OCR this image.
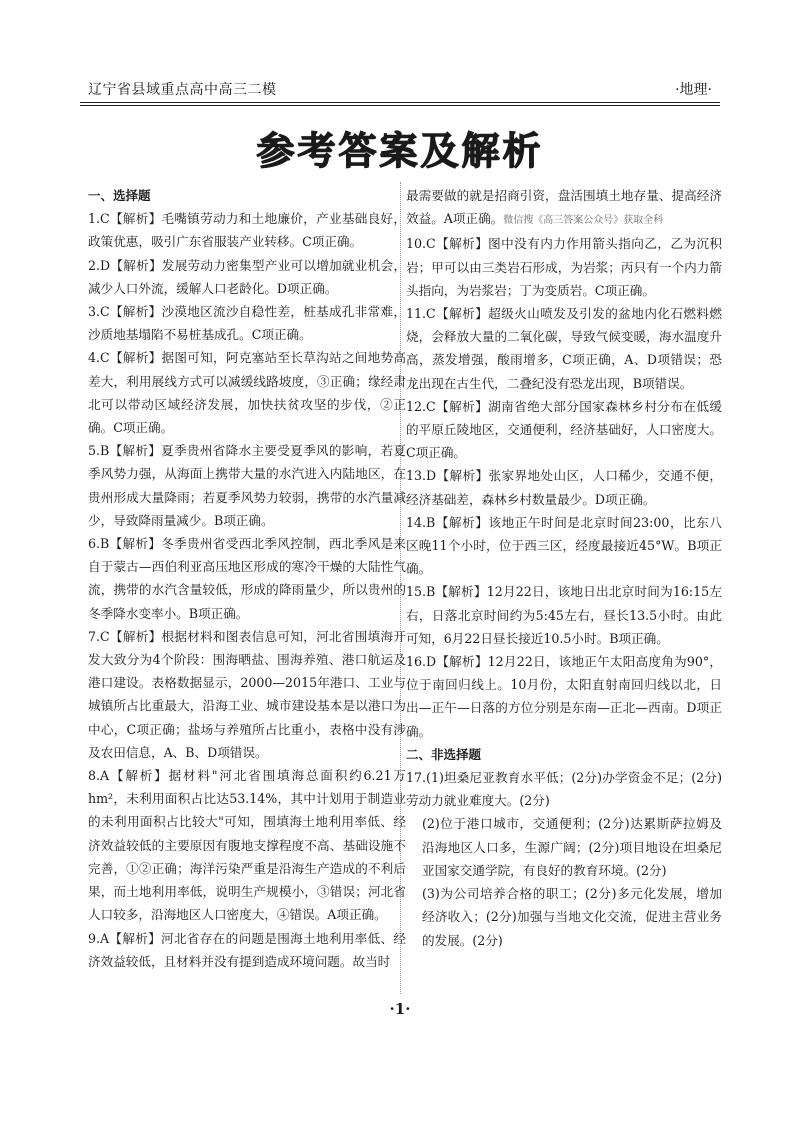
辽宁省县域重点高中高三二模	·地理·
参考答案及解析

一、选择题

1.C【解析】毛嘴镇劳动力和土地廉价，产业基础良好，政策优惠，吸引广东省服装产业转移。C项正确。

2.D【解析】发展劳动力密集型产业可以增加就业机会，减少人口外流，缓解人口老龄化。D项正确。

3.C【解析】沙漠地区流沙自稳性差，桩基成孔非常难，沙质地基塌陷不易桩基成孔。C项正确。

4.C【解析】据图可知，阿克塞站至长草沟站之间地势高差大，利用展线方式可以减缓线路坡度，③正确；缘经肃北可以带动区域经济发展，加快扶贫攻坚的步伐，②正确。C项正确。

5.B【解析】夏季贵州省降水主要受夏季风的影响，若夏季风势力强，从海面上携带大量的水汽进入内陆地区，在贵州形成大量降雨；若夏季风势力较弱，携带的水汽量减少，导致降雨量减少。B项正确。

6.B【解析】冬季贵州省受西北季风控制，西北季风是来自于蒙古—西伯利亚高压地区形成的寒冷干燥的大陆性气流，携带的水汽含量较低，形成的降雨量少，所以贵州的冬季降水变率小。B项正确。

7.C【解析】根据材料和图表信息可知，河北省围填海开发大致分为4个阶段：围海晒盐、围海养殖、港口航运及港口建设。表格数据显示，2000—2015年港口、工业与城镇所占比重最大，沿海工业、城市建设基本是以港口为中心，C项正确；盐场与养殖所占比重小，表格中没有涉及农田信息，A、B、D项错误。

8.A【解析】据材料"河北省围填海总面积约6.21万hm²，未利用面积占比达53.14%，其中计划用于制造业的未利用面积占比较大"可知，围填海土地利用率低、经济效益较低的主要原因有腹地支撑程度不高、基础设施不完善，①②正确；海洋污染严重是沿海生产造成的不利后果，而土地利用率低，说明生产规模小，③错误；河北省人口较多，沿海地区人口密度大，④错误。A项正确。

9.A【解析】河北省存在的问题是围海土地利用率低、经济效益较低，且材料并没有提到造成环境问题。故当时

最需要做的就是招商引资，盘活围填土地存量、提高经济效益。A项正确。微信搜《高三答案公众号》获取全科

10.C【解析】图中没有内力作用箭头指向乙，乙为沉积岩；甲可以由三类岩石形成，为岩浆；丙只有一个内力箭头指向，为岩浆岩；丁为变质岩。C项正确。

11.C【解析】超级火山喷发及引发的盆地内化石燃料燃烧，会释放大量的二氧化碳，导致气候变暖，海水温度升高，蒸发增强，酸雨增多，C项正确，A、D项错误；恐龙出现在古生代，二叠纪没有恐龙出现，B项错误。

12.C【解析】湖南省绝大部分国家森林乡村分布在低缓的平原丘陵地区，交通便利，经济基础好，人口密度大。C项正确。

13.D【解析】张家界地处山区，人口稀少，交通不便，经济基础差，森林乡村数量最少。D项正确。

14.B【解析】该地正午时间是北京时间23:00，比东八区晚11个小时，位于西三区，经度最接近45°W。B项正确。

15.B【解析】12月22日，该地日出北京时间为16:15左右，日落北京时间约为5:45左右，昼长13.5小时。由此可知，6月22日昼长接近10.5小时。B项正确。

16.D【解析】12月22日，该地正午太阳高度角为90°，位于南回归线上。10月份，太阳直射南回归线以北，日出—正午—日落的方位分别是东南—正北—西南。D项正确。

二、非选择题

17.(1)坦桑尼亚教育水平低；(2分)办学资金不足；(2分)劳动力就业难度大。(2分)

(2)位于港口城市，交通便利；(2分)达累斯萨拉姆及沿海地区人口多，生源广阔；(2分)项目地设在坦桑尼亚国家交通学院，有良好的教育环境。(2分)

(3)为公司培养合格的职工；(2分)多元化发展，增加经济收入；(2分)加强与当地文化交流，促进主营业务的发展。(2分)

·1·
